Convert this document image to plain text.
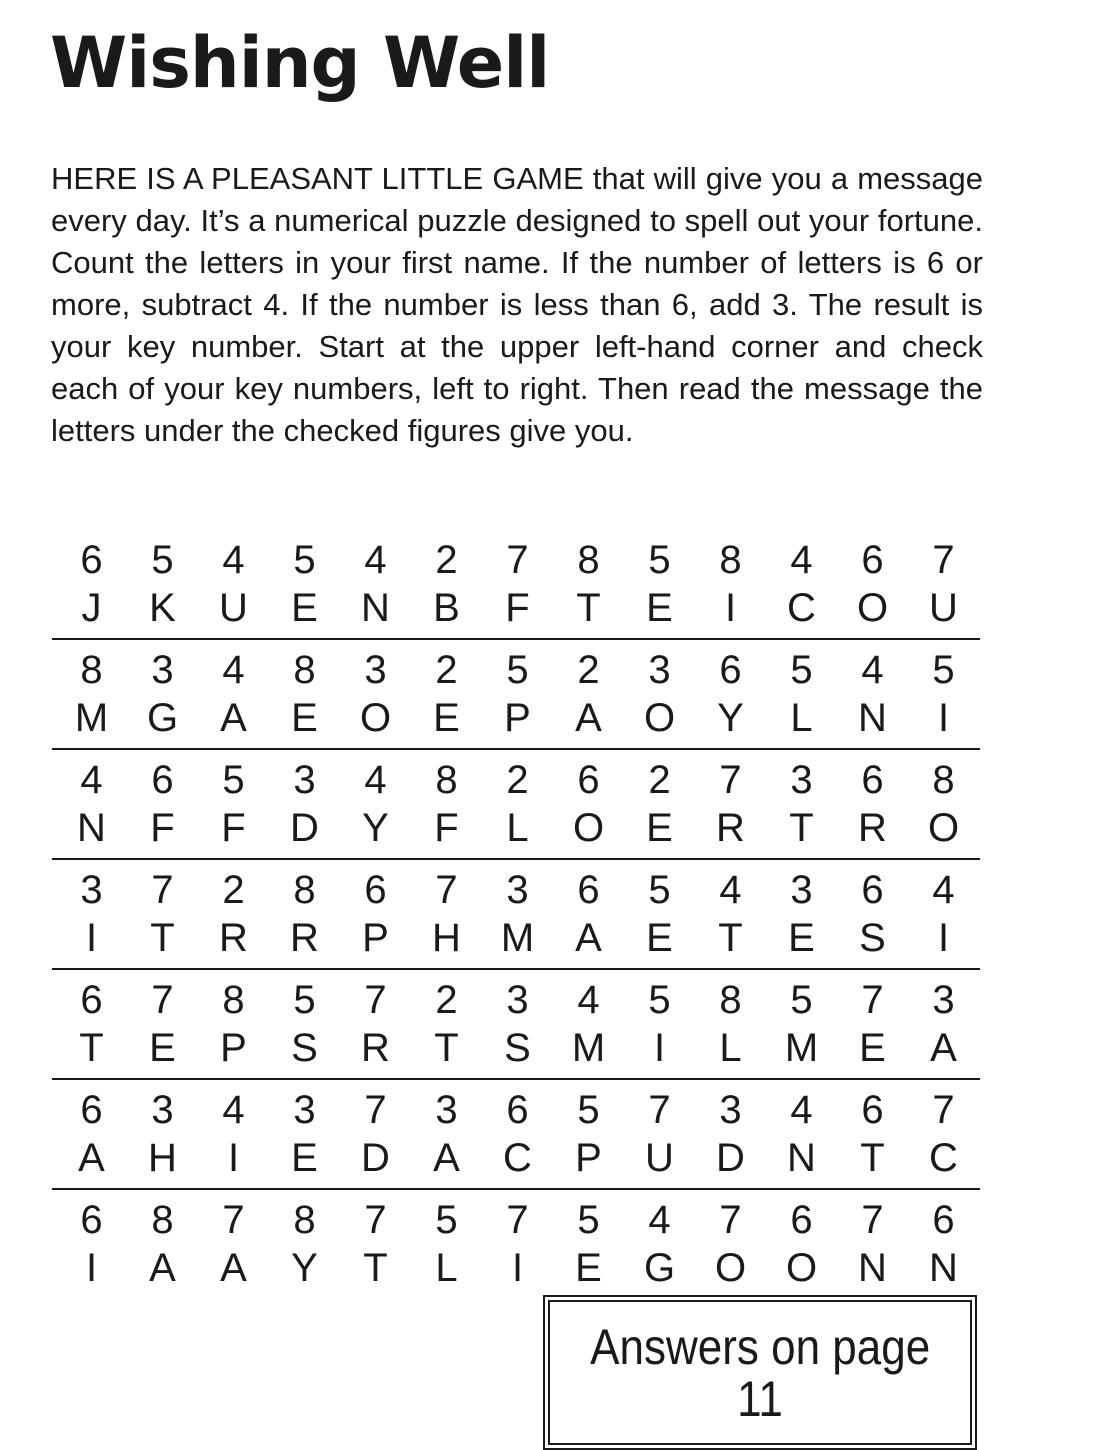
Wishing Well

HERE IS A PLEASANT LITTLE GAME that will give you a message every day. It’s a numerical puzzle designed to spell out your fortune. Count the letters in your first name. If the number of letters is 6 or more, subtract 4. If the number is less than 6, add 3. The result is your key number. Start at the upper left-hand corner and check each of your key numbers, left to right. Then read the message the letters under the checked figures give you.

6
J
5
K
4
U
5
E
4
N
2
B
7
F
8
T
5
E
8
I
4
C
6
O
7
U
8
M
3
G
4
A
8
E
3
O
2
E
5
P
2
A
3
O
6
Y
5
L
4
N
5
I
4
N
6
F
5
F
3
D
4
Y
8
F
2
L
6
O
2
E
7
R
3
T
6
R
8
O
3
I
7
T
2
R
8
R
6
P
7
H
3
M
6
A
5
E
4
T
3
E
6
S
4
I
6
T
7
E
8
P
5
S
7
R
2
T
3
S
4
M
5
I
8
L
5
M
7
E
3
A
6
A
3
H
4
I
3
E
7
D
3
A
6
C
5
P
7
U
3
D
4
N
6
T
7
C
6
I
8
A
7
A
8
Y
7
T
5
L
7
I
5
E
4
G
7
O
6
O
7
N
6
N
Answers on page
11
